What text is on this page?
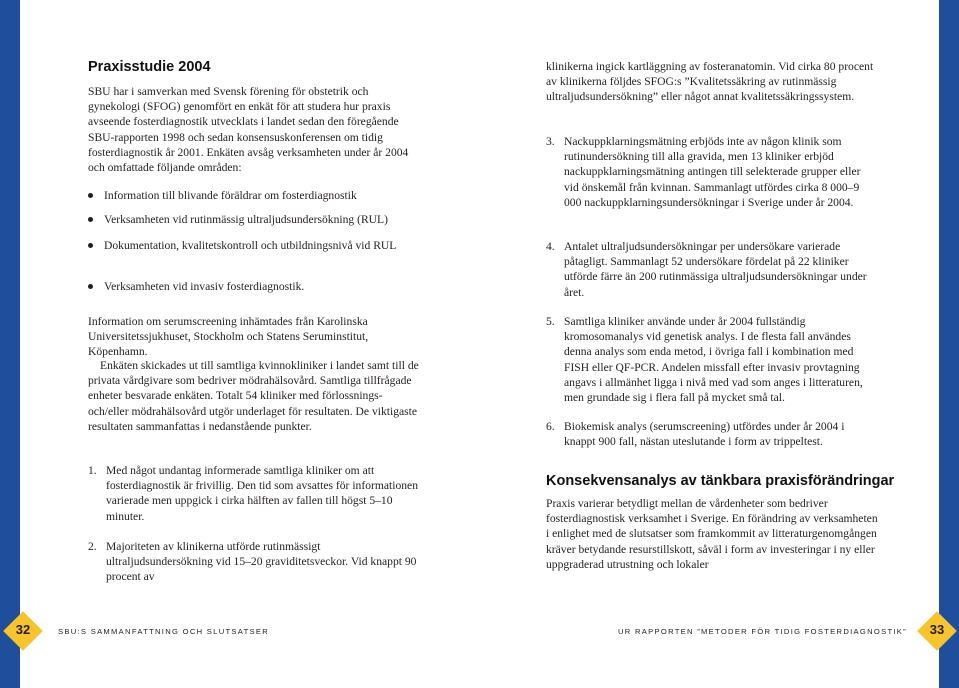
Praxisstudie 2004

SBU har i samverkan med Svensk förening för obstetrik och gynekologi (SFOG) genomfört en enkät för att studera hur praxis avseende fosterdiagnostik utvecklats i landet sedan den föregående SBU-rapporten 1998 och sedan konsensuskonferensen om tidig fosterdiagnostik år 2001. Enkäten avsåg verksamheten under år 2004 och omfattade följande områden:

Information till blivande föräldrar om fosterdiagnostik
Verksamheten vid rutinmässig ultraljudsundersökning (RUL)
Dokumentation, kvalitetskontroll och utbildningsnivå vid RUL
Verksamheten vid invasiv fosterdiagnostik.

Information om serumscreening inhämtades från Karolinska Universitetssjukhuset, Stockholm och Statens Seruminstitut, Köpenhamn.

Enkäten skickades ut till samtliga kvinnokliniker i landet samt till de privata vårdgivare som bedriver mödrahälsovård. Samtliga tillfrågade enheter besvarade enkäten. Totalt 54 kliniker med förlossnings- och/eller mödrahälsovård utgör underlaget för resultaten. De viktigaste resultaten sammanfattas i nedanstående punkter.

1. Med något undantag informerade samtliga kliniker om att fosterdiagnostik är frivillig. Den tid som avsattes för informationen varierade men uppgick i cirka hälften av fallen till högst 5–10 minuter.
2. Majoriteten av klinikerna utförde rutinmässigt ultraljudsundersökning vid 15–20 graviditetsveckor. Vid knappt 90 procent av

klinikerna ingick kartläggning av fosteranatomin. Vid cirka 80 procent av klinikerna följdes SFOG:s ”Kvalitetssäkring av rutinmässig ultraljudsundersökning” eller något annat kvalitetssäkringssystem.

3. Nackuppklarningsmätning erbjöds inte av någon klinik som rutinundersökning till alla gravida, men 13 kliniker erbjöd nackuppklarningsmätning antingen till selekterade grupper eller vid önskemål från kvinnan. Sammanlagt utfördes cirka 8 000–9 000 nackuppklarningsundersökningar i Sverige under år 2004.
4. Antalet ultraljudsundersökningar per undersökare varierade påtagligt. Sammanlagt 52 undersökare fördelat på 22 kliniker utförde färre än 200 rutinmässiga ultraljudsundersökningar under året.
5. Samtliga kliniker använde under år 2004 fullständig kromosomanalys vid genetisk analys. I de flesta fall användes denna analys som enda metod, i övriga fall i kombination med FISH eller QF-PCR. Andelen missfall efter invasiv provtagning angavs i allmänhet ligga i nivå med vad som anges i litteraturen, men grundade sig i flera fall på mycket små tal.
6. Biokemisk analys (serumscreening) utfördes under år 2004 i knappt 900 fall, nästan uteslutande i form av trippeltest.
Konsekvensanalys av tänkbara praxisförändringar

Praxis varierar betydligt mellan de vårdenheter som bedriver fosterdiagnostisk verksamhet i Sverige. En förändring av verksamheten i enlighet med de slutsatser som framkommit av litteraturgenomgången kräver betydande resurstillskott, såväl i form av investeringar i ny eller uppgraderad utrustning och lokaler

32	SBU:S SAMMANFATTNING OCH SLUTSATSER	UR RAPPORTEN ”METODER FÖR TIDIG FOSTERDIAGNOSTIK”	33
